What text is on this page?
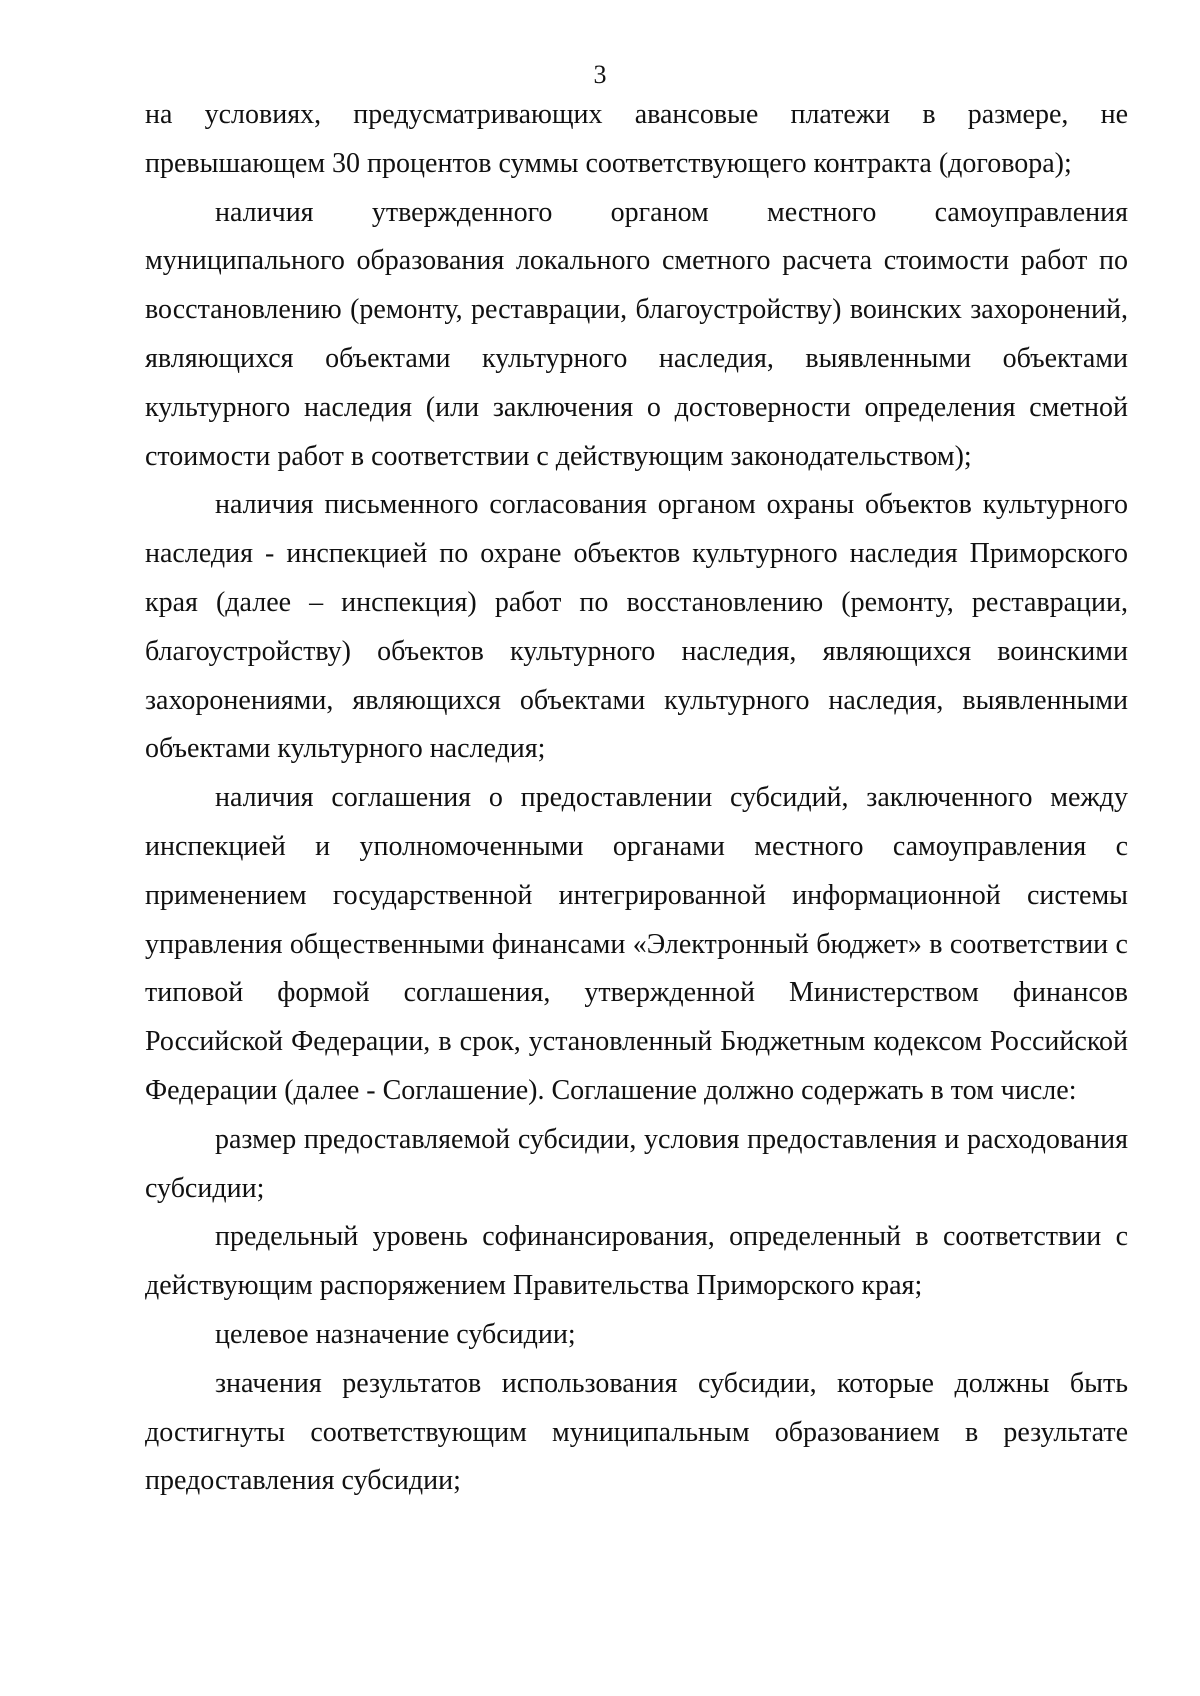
3

на условиях, предусматривающих авансовые платежи в размере, не превышающем 30 процентов суммы соответствующего контракта (договора);

наличия утвержденного органом местного самоуправления муниципального образования локального сметного расчета стоимости работ по восстановлению (ремонту, реставрации, благоустройству) воинских захоронений, являющихся объектами культурного наследия, выявленными объектами культурного наследия (или заключения о достоверности определения сметной стоимости работ в соответствии с действующим законодательством);

наличия письменного согласования органом охраны объектов культурного наследия - инспекцией по охране объектов культурного наследия Приморского края (далее – инспекция) работ по восстановлению (ремонту, реставрации, благоустройству) объектов культурного наследия, являющихся воинскими захоронениями, являющихся объектами культурного наследия, выявленными объектами культурного наследия;

наличия соглашения о предоставлении субсидий, заключенного между инспекцией и уполномоченными органами местного самоуправления с применением государственной интегрированной информационной системы управления общественными финансами «Электронный бюджет» в соответствии с типовой формой соглашения, утвержденной Министерством финансов Российской Федерации, в срок, установленный Бюджетным кодексом Российской Федерации (далее - Соглашение). Соглашение должно содержать в том числе:

размер предоставляемой субсидии, условия предоставления и расходования субсидии;

предельный уровень софинансирования, определенный в соответствии с действующим распоряжением Правительства Приморского края;

целевое назначение субсидии;

значения результатов использования субсидии, которые должны быть достигнуты соответствующим муниципальным образованием в результате предоставления субсидии;
